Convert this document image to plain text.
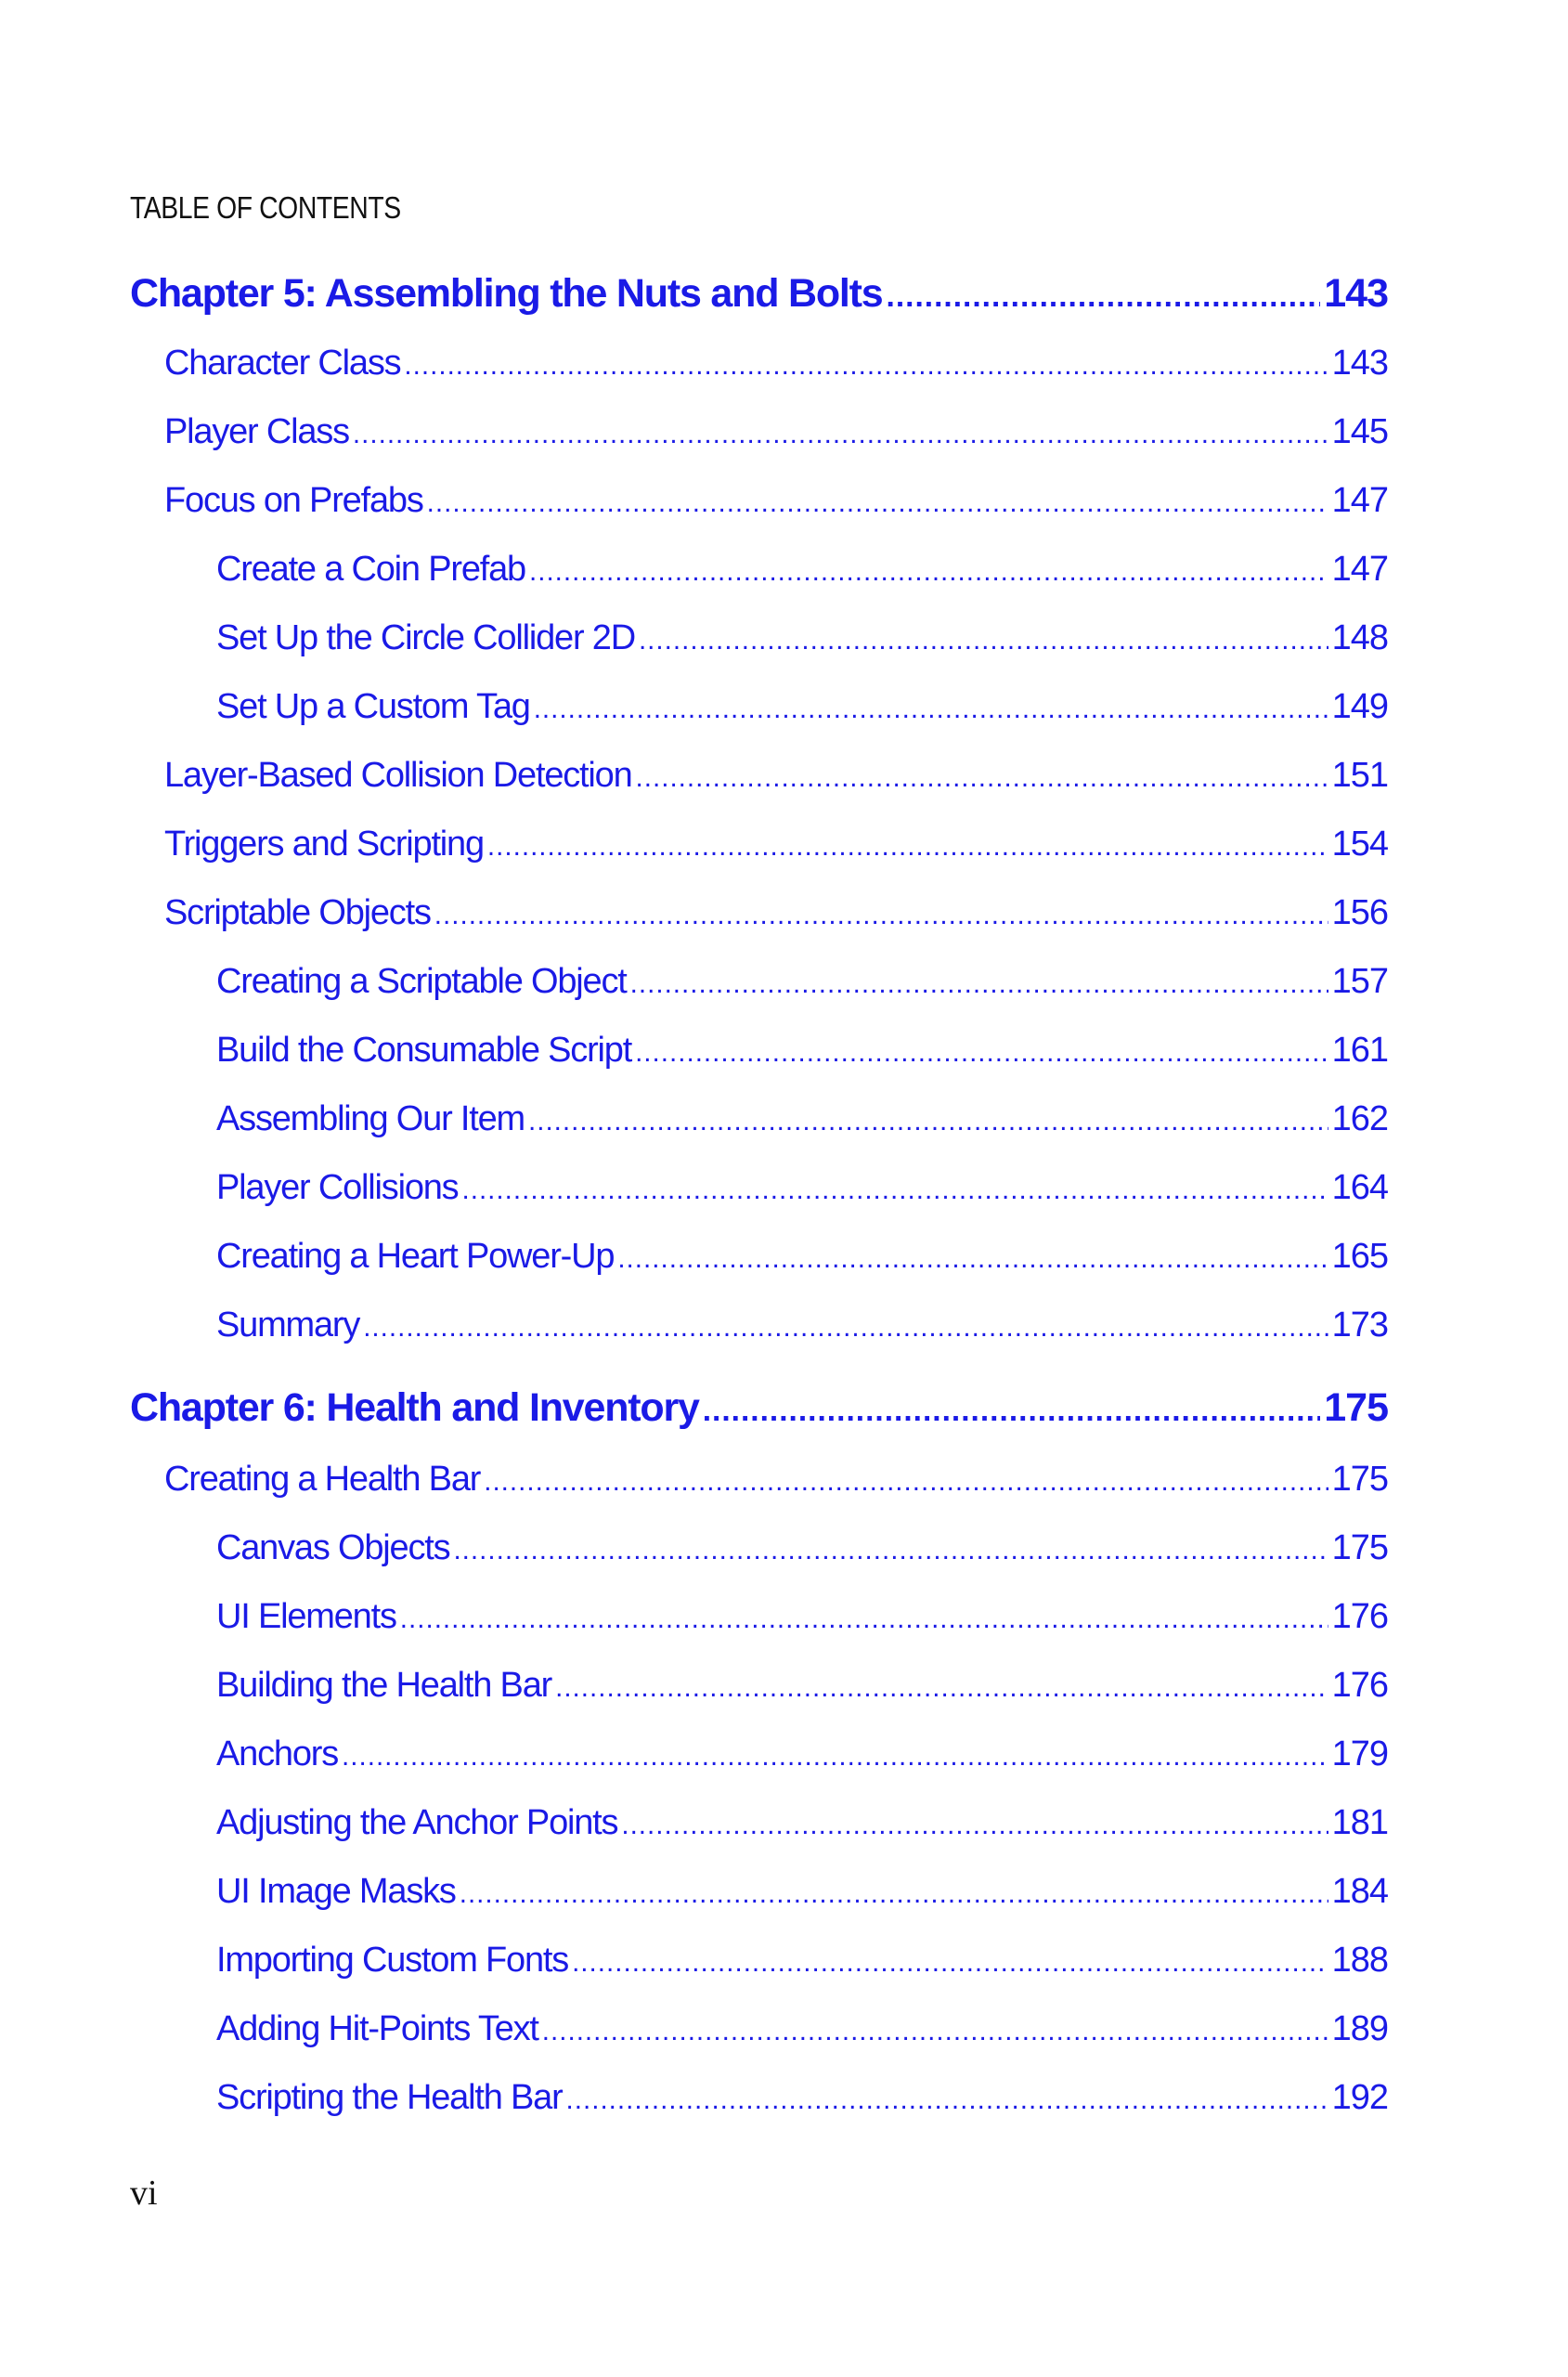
TABLE OF CONTENTS
Chapter 5: Assembling the Nuts and Bolts .....	143
Character Class .....	143
Player Class .....	145
Focus on Prefabs .....	147
Create a Coin Prefab .....	147
Set Up the Circle Collider 2D .....	148
Set Up a Custom Tag .....	149
Layer-Based Collision Detection .....	151
Triggers and Scripting .....	154
Scriptable Objects .....	156
Creating a Scriptable Object .....	157
Build the Consumable Script .....	161
Assembling Our Item .....	162
Player Collisions .....	164
Creating a Heart Power-Up .....	165
Summary .....	173
Chapter 6: Health and Inventory .....	175
Creating a Health Bar .....	175
Canvas Objects .....	175
UI Elements .....	176
Building the Health Bar .....	176
Anchors .....	179
Adjusting the Anchor Points .....	181
UI Image Masks .....	184
Importing Custom Fonts .....	188
Adding Hit-Points Text .....	189
Scripting the Health Bar .....	192
vi
